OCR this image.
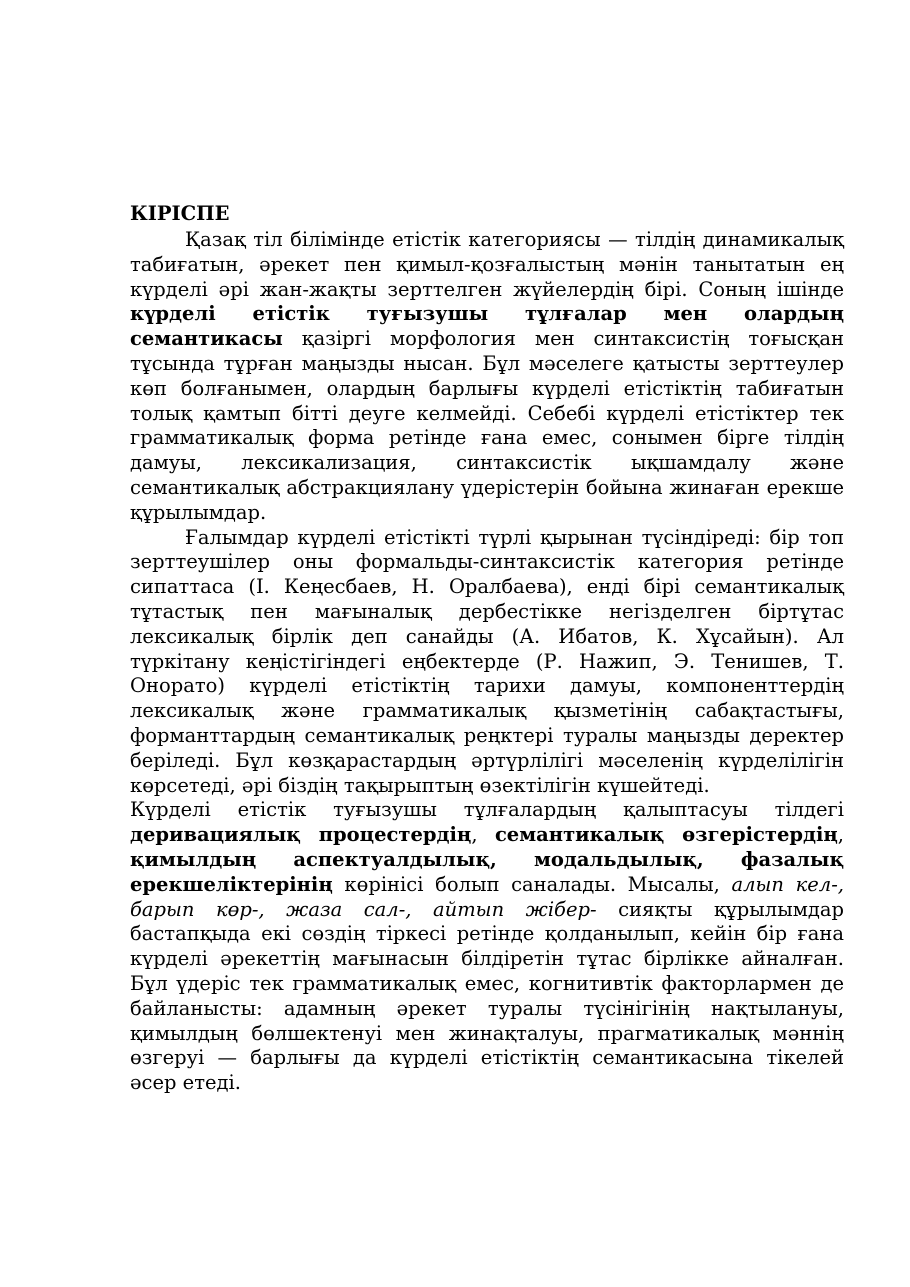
КІРІСПЕ

Қазақ тіл білімінде етістік категориясы — тілдің динамикалық табиғатын, әрекет пен қимыл-қозғалыстың мәнін танытатын ең күрделі әрі жан-жақты зерттелген жүйелердің бірі. Соның ішінде күрделі етістік туғызушы тұлғалар мен олардың семантикасы қазіргі морфология мен синтаксистің тоғысқан тұсында тұрған маңызды нысан. Бұл мәселеге қатысты зерттеулер көп болғанымен, олардың барлығы күрделі етістіктің табиғатын толық қамтып бітті деуге келмейді. Себебі күрделі етістіктер тек грамматикалық форма ретінде ғана емес, сонымен бірге тілдің дамуы, лексикализация, синтаксистік ықшамдалу және семантикалық абстракциялану үдерістерін бойына жинаған ерекше құрылымдар.

Ғалымдар күрделі етістікті түрлі қырынан түсіндіреді: бір топ зерттеушілер оны формальды-синтаксистік категория ретінде сипаттаса (І. Кеңесбаев, Н. Оралбаева), енді бірі семантикалық тұтастық пен мағыналық дербестікке негізделген біртұтас лексикалық бірлік деп санайды (А. Ибатов, К. Хұсайын). Ал түркітану кеңістігіндегі еңбектерде (Р. Нажип, Э. Тенишев, Т. Онорато) күрделі етістіктің тарихи дамуы, компоненттердің лексикалық және грамматикалық қызметінің сабақтастығы, форманттардың семантикалық реңктері туралы маңызды деректер беріледі. Бұл көзқарастардың әртүрлілігі мәселенің күрделілігін көрсетеді, әрі біздің тақырыптың өзектілігін күшейтеді.

Күрделі етістік туғызушы тұлғалардың қалыптасуы тілдегі деривациялық процестердің, семантикалық өзгерістердің, қимылдың аспектуалдылық, модальдылық, фазалық ерекшеліктерінің көрінісі болып саналады. Мысалы, алып кел-, барып көр-, жаза сал-, айтып жібер- сияқты құрылымдар бастапқыда екі сөздің тіркесі ретінде қолданылып, кейін бір ғана күрделі әрекеттің мағынасын білдіретін тұтас бірлікке айналған. Бұл үдеріс тек грамматикалық емес, когнитивтік факторлармен де байланысты: адамның әрекет туралы түсінігінің нақтылануы, қимылдың бөлшектенуі мен жинақталуы, прагматикалық мәннің өзгеруі — барлығы да күрделі етістіктің семантикасына тікелей әсер етеді.
